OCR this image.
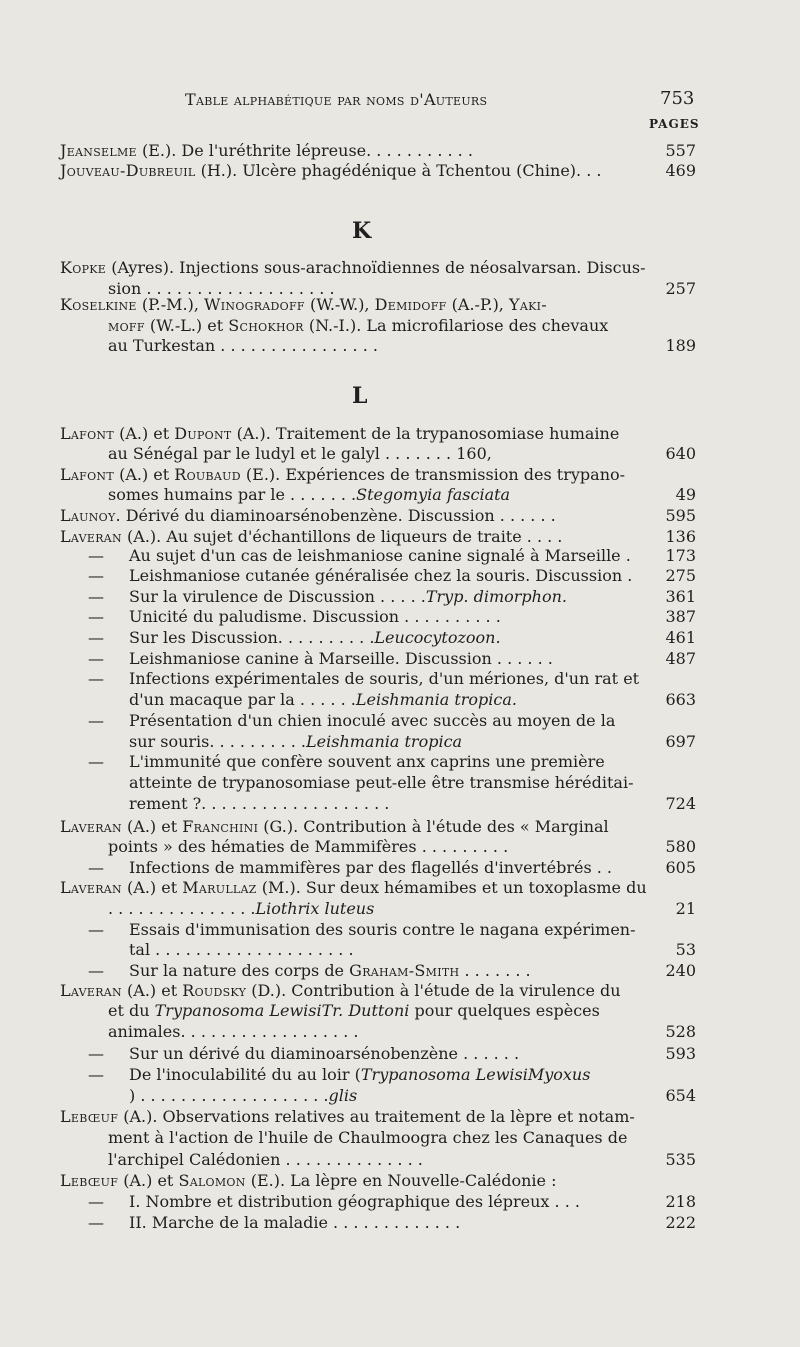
Table alphabétique par noms d'Auteurs	753
PAGES
K
L
Jeanselme (E.). De l'uréthrite lépreuse. . . . . . . . . . .	557
Jouveau-Dubreuil (H.). Ulcère phagédénique à Tchentou (Chine). . .	469
Kopke (Ayres). Injections sous-arachnoïdiennes de néosalvarsan. Discus-
sion . . . . . . . . . . . . . . . . . . .	257
Koselkine (P.-M.), Winogradoff (W.-W.), Demidoff (A.-P.), Yaki-
moff (W.-L.) et Schokhor (N.-I.). La microfilariose des chevaux
au Turkestan . . . . . . . . . . . . . . . .	189
Lafont (A.) et Dupont (A.). Traitement de la trypanosomiase humaine
au Sénégal par le ludyl et le galyl . . . . . . . 160,	640
Lafont (A.) et Roubaud (E.). Expériences de transmission des trypano-
somes humains par le . . . . . . .Stegomyia fasciata	49
Launoy. Dérivé du diaminoarsénobenzène. Discussion . . . . . .	595
Laveran (A.). Au sujet d'échantillons de liqueurs de traite . . . .	136
— Au sujet d'un cas de leishmaniose canine signalé à Marseille . 173
— Leishmaniose cutanée généralisée chez la souris. Discussion . 275
— Sur la virulence de Discussion . . . . .Tryp. dimorphon.	361
— Unicité du paludisme. Discussion . . . . . . . . . .	387
— Sur les Discussion. . . . . . . . . .Leucocytozoon.	461
— Leishmaniose canine à Marseille. Discussion . . . . . .	487
— Infections expérimentales de souris, d'un mériones, d'un rat et
d'un macaque par la . . . . . .Leishmania tropica.	663
— Présentation d'un chien inoculé avec succès au moyen de la
sur souris. . . . . . . . . .Leishmania tropica	697
— L'immunité que confère souvent anx caprins une première
atteinte de trypanosomiase peut-elle être transmise héréditai-
rement ?. . . . . . . . . . . . . . . . . . .	724
Laveran (A.) et Franchini (G.). Contribution à l'étude des « Marginal
points » des hématies de Mammifères . . . . . . . . .	580
— Infections de mammifères par des flagellés d'invertébrés . .	605
Laveran (A.) et Marullaz (M.). Sur deux hémamibes et un toxoplasme du
. . . . . . . . . . . . . . .Liothrix luteus	21
— Essais d'immunisation des souris contre le nagana expérimen-
tal . . . . . . . . . . . . . . . . . . . .	53
— Sur la nature des corps de Graham-Smith . . . . . . .	240
Laveran (A.) et Roudsky (D.). Contribution à l'étude de la virulence du
et du Trypanosoma LewisiTr. Duttoni pour quelques espèces
animales. . . . . . . . . . . . . . . . . .	528
— Sur un dérivé du diaminoarsénobenzène . . . . . .	593
— De l'inoculabilité du au loir (Trypanosoma LewisiMyoxus
) . . . . . . . . . . . . . . . . . . .glis	654
Lebœuf (A.). Observations relatives au traitement de la lèpre et notam-
ment à l'action de l'huile de Chaulmoogra chez les Canaques de
l'archipel Calédonien . . . . . . . . . . . . . .	535
Lebœuf (A.) et Salomon (E.). La lèpre en Nouvelle-Calédonie :
— I. Nombre et distribution géographique des lépreux . . .	218
— II. Marche de la maladie . . . . . . . . . . . . .	222
